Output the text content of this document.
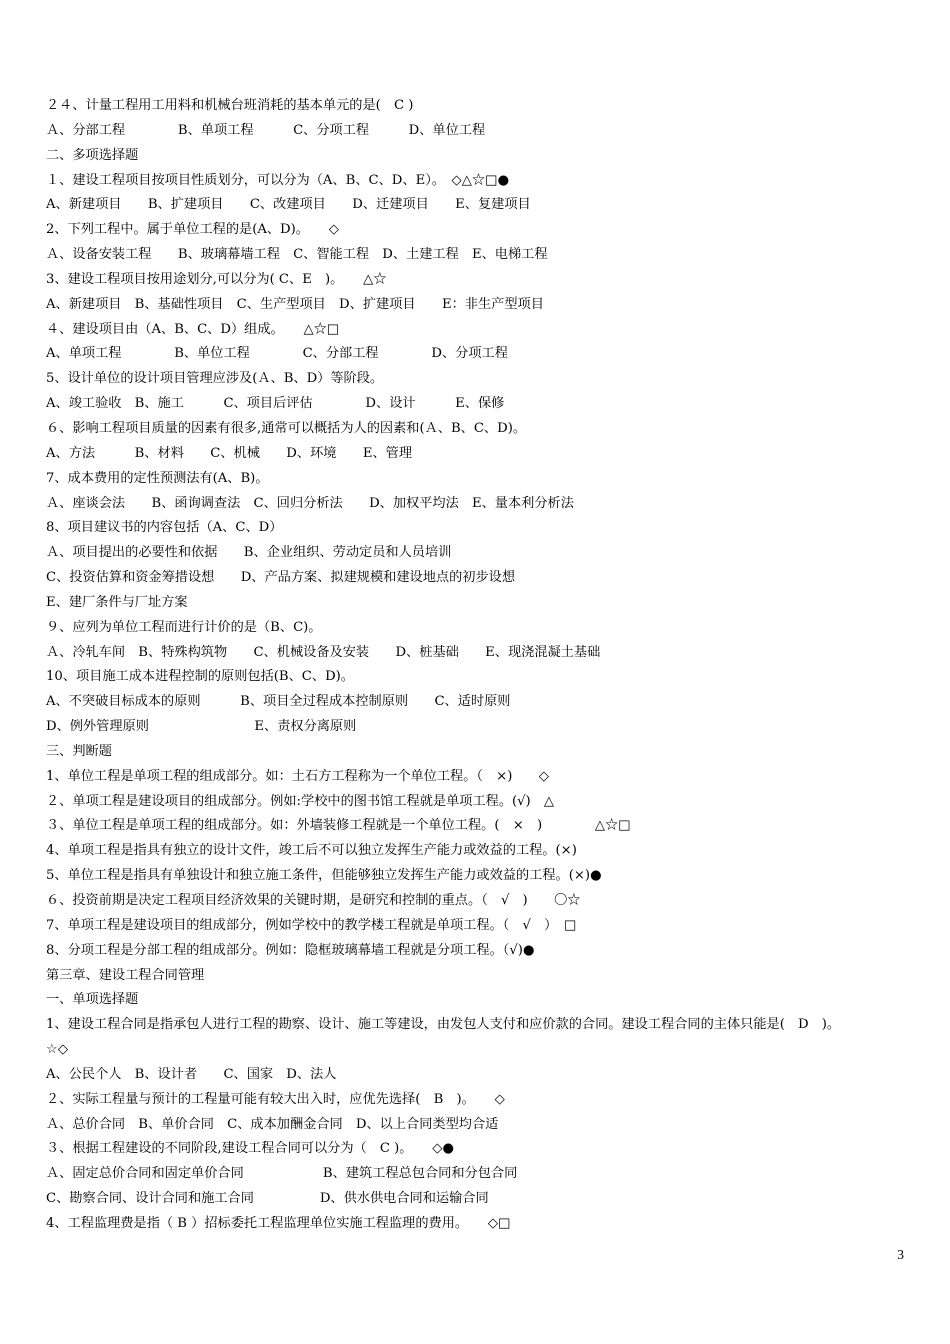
２４、计量工程用工用料和机械台班消耗的基本单元的是(　C )
Ａ、分部工程　　　　B、单项工程　　　C、分项工程　　　D、单位工程
二、多项选择题
１、建设工程项目按项目性质划分，可以分为（A、B、C、D、E）。　◇△☆□●
A、新建项目　　B、扩建项目　　C、改建项目　　D、迁建项目　　E、复建项目
2、下列工程中。属于单位工程的是(A、D)。　　◇
Ａ、设备安装工程　　B、玻璃幕墙工程　C、智能工程　D、土建工程　E、电梯工程
3、建设工程项目按用途划分,可以分为( C、E　)。　　△☆
A、新建项目　B、基础性项目　C、生产型项目　D、扩建项目　　E：非生产型项目
４、建设项目由（A、B、C、D）组成。　　△☆□
A、单项工程　　　　B、单位工程　　　　C、分部工程　　　　D、分项工程
5、设计单位的设计项目管理应涉及(Ａ、B、D）等阶段。
A、竣工验收　B、施工　　　C、项目后评估　　　　D、设计　　　E、保修
６、影响工程项目质量的因素有很多,通常可以概括为人的因素和(Ａ、B、C、D)。
A、方法　　　B、材料　　C、机械　　D、环境　　E、管理
7、成本费用的定性预测法有(A、B)。
Ａ、座谈会法　　B、函询调查法　C、回归分析法　　D、加权平均法　E、量本利分析法
8、项目建议书的内容包括（A、C、D）
Ａ、项目提出的必要性和依据　　B、企业组织、劳动定员和人员培训
C、投资估算和资金筹措设想　　D、产品方案、拟建规模和建设地点的初步设想
E、建厂条件与厂址方案
９、应列为单位工程而进行计价的是（B、C)。
Ａ、冷轧车间　B、特殊构筑物　　C、机械设备及安装　　D、桩基础　　E、现浇混凝土基础
10、项目施工成本进程控制的原则包括(B、C、D)。
A、不突破目标成本的原则　　　B、项目全过程成本控制原则　　C、适时原则
D、例外管理原则　　　　　　　　E、责权分离原则
三、判断题
1、单位工程是单项工程的组成部分。如：土石方工程称为一个单位工程。（　×)　　◇
２、单项工程是建设项目的组成部分。例如:学校中的图书馆工程就是单项工程。(√)　△
３、单位工程是单项工程的组成部分。如：外墙装修工程就是一个单位工程。(　×　)　　　　△☆□
4、单项工程是指具有独立的设计文件，竣工后不可以独立发挥生产能力或效益的工程。(×)
5、单位工程是指具有单独设计和独立施工条件，但能够独立发挥生产能力或效益的工程。(×)●
６、投资前期是决定工程项目经济效果的关键时期，是研究和控制的重点。（　√　)　　〇☆
7、单项工程是建设项目的组成部分，例如学校中的教学楼工程就是单项工程。（　√　）　□
8、分项工程是分部工程的组成部分。例如：隐框玻璃幕墙工程就是分项工程。（√)●
第三章、建设工程合同管理
一、单项选择题
1、建设工程合同是指承包人进行工程的勘察、设计、施工等建设，由发包人支付和应价款的合同。建设工程合同的主体只能是(　D　)。
☆◇
A、公民个人　B、设计者　　C、国家　D、法人
２、实际工程量与预计的工程量可能有较大出入时，应优先选择(　B　)。　　◇
Ａ、总价合同　B、单价合同　C、成本加酬金合同　D、以上合同类型均合适
３、根据工程建设的不同阶段,建设工程合同可以分为（　C )。　　◇●
Ａ、固定总价合同和固定单价合同　　　　　　B、建筑工程总包合同和分包合同
C、勘察合同、设计合同和施工合同　　　　　D、供水供电合同和运输合同
4、工程监理费是指（ B ）招标委托工程监理单位实施工程监理的费用。　　◇□
3
